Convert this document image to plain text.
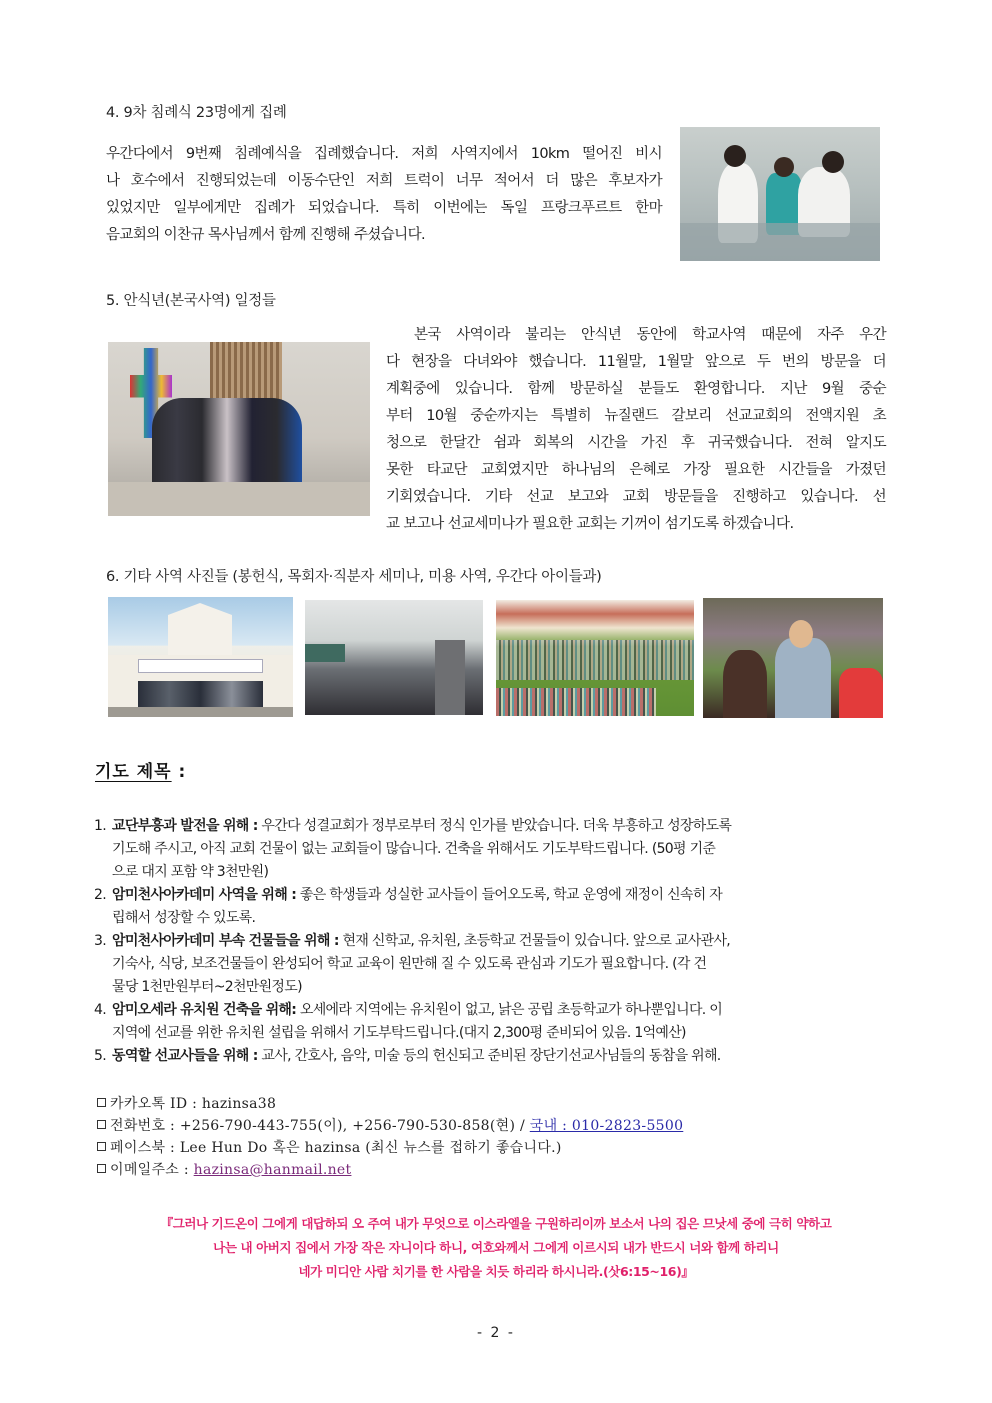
4. 9차 침례식 23명에게 집례
우간다에서 9번째 침례예식을 집례했습니다. 저희 사역지에서 10km 떨어진 비시
나 호수에서 진행되었는데 이동수단인 저희 트럭이 너무 적어서 더 많은 후보자가
있었지만 일부에게만 집례가 되었습니다. 특히 이번에는 독일 프랑크푸르트 한마
음교회의 이찬규 목사님께서 함께 진행해 주셨습니다.
5. 안식년(본국사역) 일정들
본국 사역이라 불리는 안식년 동안에 학교사역 때문에 자주 우간
다 현장을 다녀와야 했습니다. 11월말, 1월말 앞으로 두 번의 방문을 더
계획중에 있습니다. 함께 방문하실 분들도 환영합니다. 지난 9월 중순
부터 10월 중순까지는 특별히 뉴질랜드 갈보리 선교교회의 전액지원 초
청으로 한달간 쉼과 회복의 시간을 가진 후 귀국했습니다. 전혀 알지도
못한 타교단 교회였지만 하나님의 은혜로 가장 필요한 시간들을 가졌던
기회였습니다. 기타 선교 보고와 교회 방문들을 진행하고 있습니다. 선
교 보고나 선교세미나가 필요한 교회는 기꺼이 섬기도록 하겠습니다.
6. 기타 사역 사진들 (봉헌식, 목회자·직분자 세미나, 미용 사역, 우간다 아이들과)
기도 제목 :
1. 교단부흥과 발전을 위해 : 우간다 성결교회가 정부로부터 정식 인가를 받았습니다. 더욱 부흥하고 성장하도록
기도해 주시고, 아직 교회 건물이 없는 교회들이 많습니다. 건축을 위해서도 기도부탁드립니다. (50평 기준
으로 대지 포함 약 3천만원)
2. 암미천사아카데미 사역을 위해 : 좋은 학생들과 성실한 교사들이 들어오도록, 학교 운영에 재정이 신속히 자
립해서 성장할 수 있도록.
3. 암미천사아카데미 부속 건물들을 위해 : 현재 신학교, 유치원, 초등학교 건물들이 있습니다. 앞으로 교사관사,
기숙사, 식당, 보조건물들이 완성되어 학교 교육이 원만해 질 수 있도록 관심과 기도가 필요합니다. (각 건
물당 1천만원부터~2천만원정도)
4. 암미오세라 유치원 건축을 위해: 오세에라 지역에는 유치원이 없고, 낡은 공립 초등학교가 하나뿐입니다. 이
지역에 선교를 위한 유치원 설립을 위해서 기도부탁드립니다.(대지 2,300평 준비되어 있음. 1억예산)
5. 동역할 선교사들을 위해 : 교사, 간호사, 음악, 미술 등의 헌신되고 준비된 장단기선교사님들의 동참을 위해.
카카오톡 ID : hazinsa38
전화번호 : +256-790-443-755(이), +256-790-530-858(현) / 국내 : 010-2823-5500
페이스북 : Lee Hun Do 혹은 hazinsa (최신 뉴스를 접하기 좋습니다.)
이메일주소 : hazinsa@hanmail.net
『그러나 기드온이 그에게 대답하되 오 주여 내가 무엇으로 이스라엘을 구원하리이까 보소서 나의 집은 므낫세 중에 극히 약하고
나는 내 아버지 집에서 가장 작은 자니이다 하니, 여호와께서 그에게 이르시되 내가 반드시 너와 함께 하리니
네가 미디안 사람 치기를 한 사람을 치듯 하리라 하시니라.(삿6:15~16)』
- 2 -
